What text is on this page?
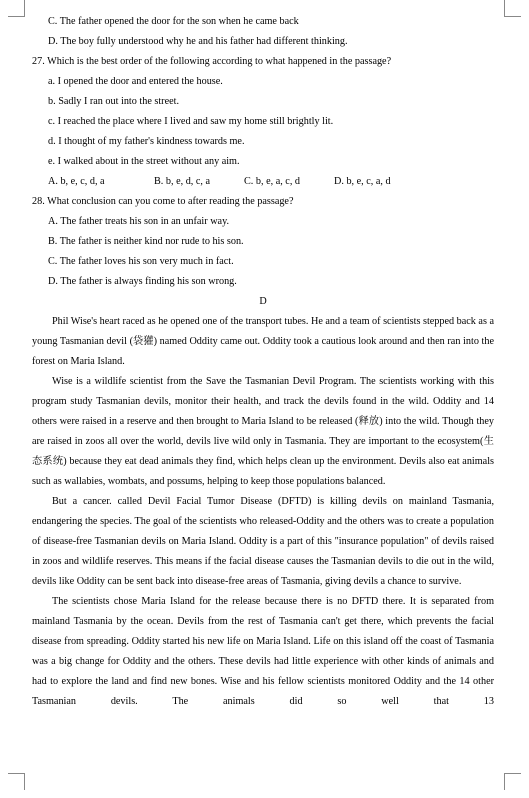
C. The father opened the door for the son when he came back
D. The boy fully understood why he and his father had different thinking.
27. Which is the best order of the following according to what happened in the passage?
a. I opened the door and entered the house.
b. Sadly I ran out into the street.
c. I reached the place where I lived and saw my home still brightly lit.
d. I thought of my father's kindness towards me.
e. I walked about in the street without any aim.
A. b, e, c, d, a	B. b, e, d, c, a	C. b, e, a, c, d	D. b, e, c, a, d
28. What conclusion can you come to after reading the passage?
A. The father treats his son in an unfair way.
B. The father is neither kind nor rude to his son.
C. The father loves his son very much in fact.
D. The father is always finding his son wrong.
D

Phil Wise's heart raced as he opened one of the transport tubes. He and a team of scientists stepped back as a young Tasmanian devil (袋獾) named Oddity came out. Oddity took a cautious look around and then ran into the forest on Maria Island.

Wise is a wildlife scientist from the Save the Tasmanian Devil Program. The scientists working with this program study Tasmanian devils, monitor their health, and track the devils found in the wild. Oddity and 14 others were raised in a reserve and then brought to Maria Island to be released (释放) into the wild. Though they are raised in zoos all over the world, devils live wild only in Tasmania. They are important to the ecosystem(生态系统) because they eat dead animals they find, which helps clean up the environment. Devils also eat animals such as wallabies, wombats, and possums, helping to keep those populations balanced.

But a cancer. called Devil Facial Tumor Disease (DFTD) is killing devils on mainland Tasmania, endangering the species. The goal of the scientists who released-Oddity and the others was to create a population of disease-free Tasmanian devils on Maria Island. Oddity is a part of this "insurance population" of devils raised in zoos and wildlife reserves. This means if the facial disease causes the Tasmanian devils to die out in the wild, devils like Oddity can be sent back into disease-free areas of Tasmania, giving devils a chance to survive.

The scientists chose Maria Island for the release because there is no DFTD there. It is separated from mainland Tasmania by the ocean. Devils from the rest of Tasmania can't get there, which prevents the facial disease from spreading. Oddity started his new life on Maria Island. Life on this island off the coast of Tasmania was a big change for Oddity and the others. These devils had little experience with other kinds of animals and had to explore the land and find new bones. Wise and his fellow scientists monitored Oddity and the 14 other Tasmanian devils. The animals did so well that 13
